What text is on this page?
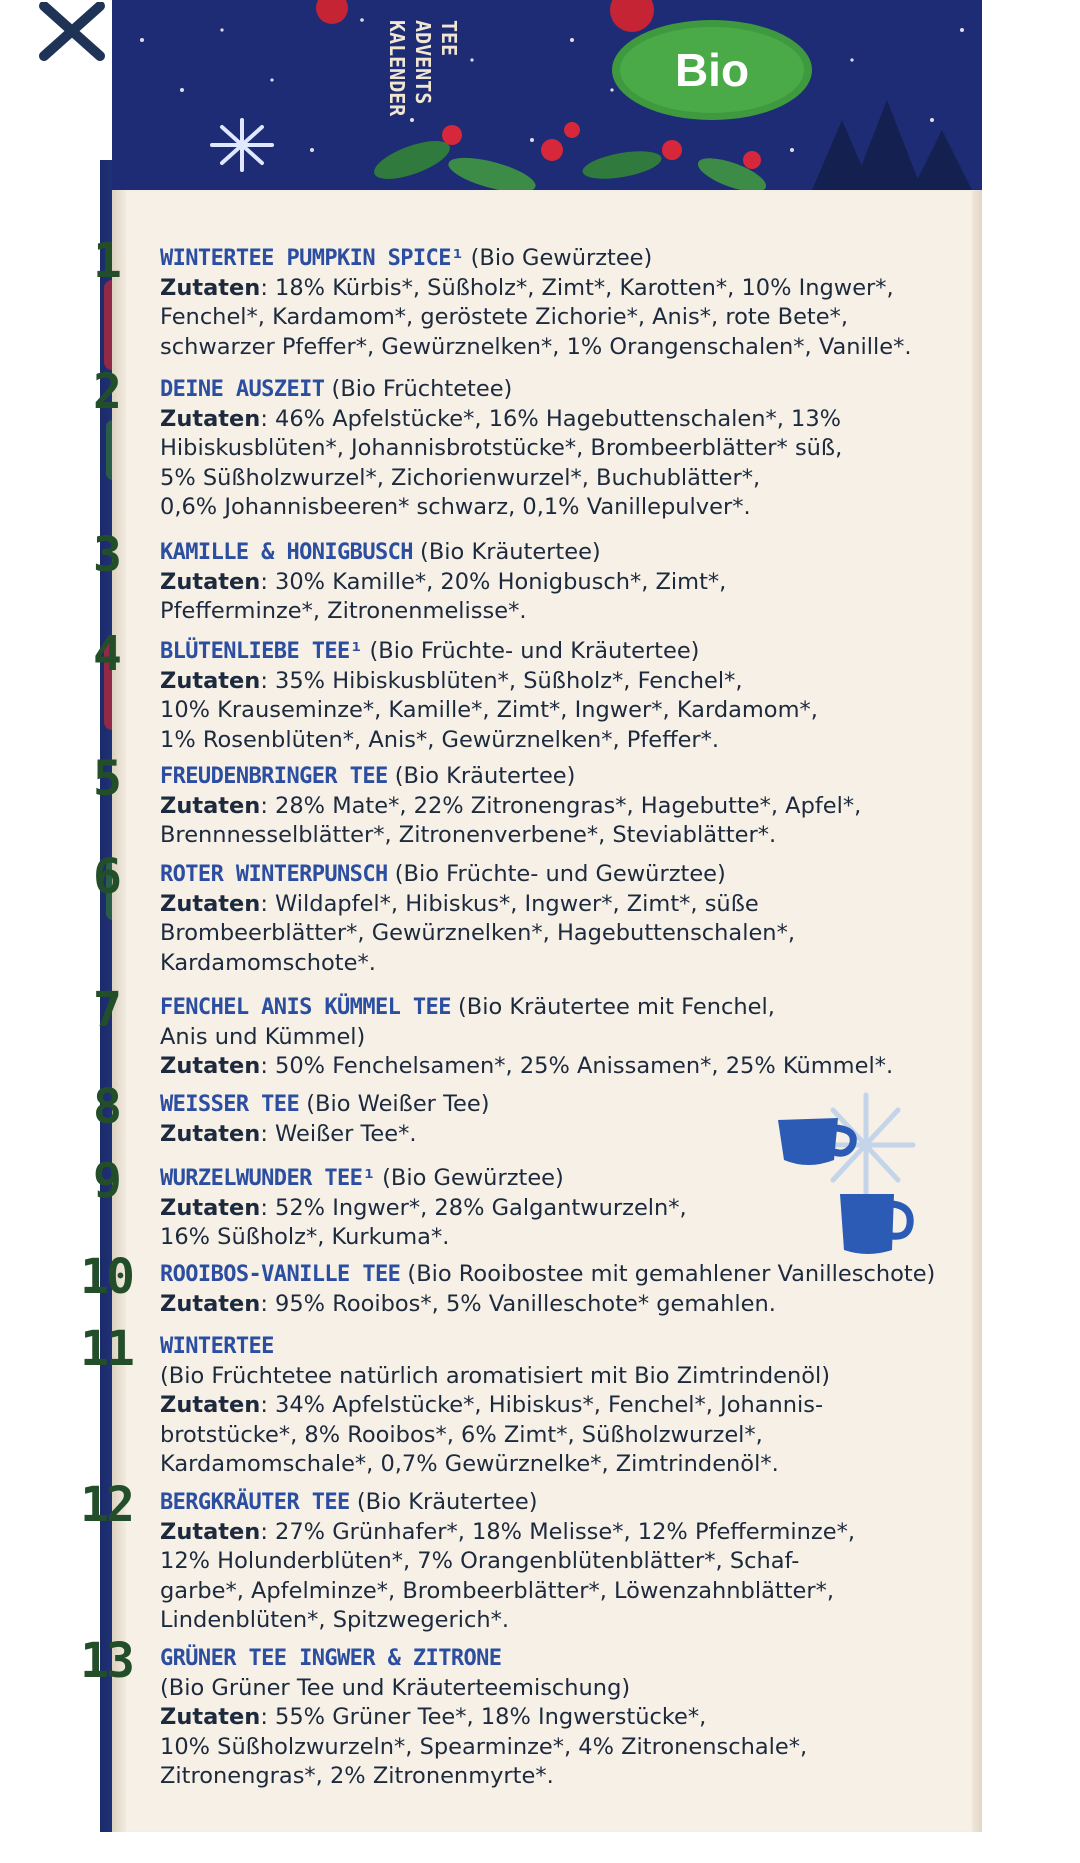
Bio
TEE
ADVENTS
KALENDER
1	WINTERTEE PUMPKIN SPICE¹ (Bio Gewürztee)
Zutaten: 18% Kürbis*, Süßholz*, Zimt*, Karotten*, 10% Ingwer*,
Fenchel*, Kardamom*, geröstete Zichorie*, Anis*, rote Bete*,
schwarzer Pfeffer*, Gewürznelken*, 1% Orangenschalen*, Vanille*.
2	DEINE AUSZEIT (Bio Früchtetee)
Zutaten: 46% Apfelstücke*, 16% Hagebuttenschalen*, 13%
Hibiskusblüten*, Johannisbrotstücke*, Brombeerblätter* süß,
5% Süßholzwurzel*, Zichorienwurzel*, Buchublätter*,
0,6% Johannisbeeren* schwarz, 0,1% Vanillepulver*.
3	KAMILLE & HONIGBUSCH (Bio Kräutertee)
Zutaten: 30% Kamille*, 20% Honigbusch*, Zimt*,
Pfefferminze*, Zitronenmelisse*.
4	BLÜTENLIEBE TEE¹ (Bio Früchte- und Kräutertee)
Zutaten: 35% Hibiskusblüten*, Süßholz*, Fenchel*,
10% Krauseminze*, Kamille*, Zimt*, Ingwer*, Kardamom*,
1% Rosenblüten*, Anis*, Gewürznelken*, Pfeffer*.
5	FREUDENBRINGER TEE (Bio Kräutertee)
Zutaten: 28% Mate*, 22% Zitronengras*, Hagebutte*, Apfel*,
Brennnesselblätter*, Zitronenverbene*, Steviablätter*.
6	ROTER WINTERPUNSCH (Bio Früchte- und Gewürztee)
Zutaten: Wildapfel*, Hibiskus*, Ingwer*, Zimt*, süße
Brombeerblätter*, Gewürznelken*, Hagebuttenschalen*,
Kardamomschote*.
7	FENCHEL ANIS KÜMMEL TEE (Bio Kräutertee mit Fenchel,
Anis und Kümmel)
Zutaten: 50% Fenchelsamen*, 25% Anissamen*, 25% Kümmel*.
8	WEISSER TEE (Bio Weißer Tee)
Zutaten: Weißer Tee*.
9	WURZELWUNDER TEE¹ (Bio Gewürztee)
Zutaten: 52% Ingwer*, 28% Galgantwurzeln*,
16% Süßholz*, Kurkuma*.
10	ROOIBOS-VANILLE TEE (Bio Rooibostee mit gemahlener Vanilleschote)
Zutaten: 95% Rooibos*, 5% Vanilleschote* gemahlen.
11	WINTERTEE
(Bio Früchtetee natürlich aromatisiert mit Bio Zimtrindenöl)
Zutaten: 34% Apfelstücke*, Hibiskus*, Fenchel*, Johannis-
brotstücke*, 8% Rooibos*, 6% Zimt*, Süßholzwurzel*,
Kardamomschale*, 0,7% Gewürznelke*, Zimtrindenöl*.
12	BERGKRÄUTER TEE (Bio Kräutertee)
Zutaten: 27% Grünhafer*, 18% Melisse*, 12% Pfefferminze*,
12% Holunderblüten*, 7% Orangenblütenblätter*, Schaf-
garbe*, Apfelminze*, Brombeerblätter*, Löwenzahnblätter*,
Lindenblüten*, Spitzwegerich*.
13	GRÜNER TEE INGWER & ZITRONE
(Bio Grüner Tee und Kräuterteemischung)
Zutaten: 55% Grüner Tee*, 18% Ingwerstücke*,
10% Süßholzwurzeln*, Spearminze*, 4% Zitronenschale*,
Zitronengras*, 2% Zitronenmyrte*.
